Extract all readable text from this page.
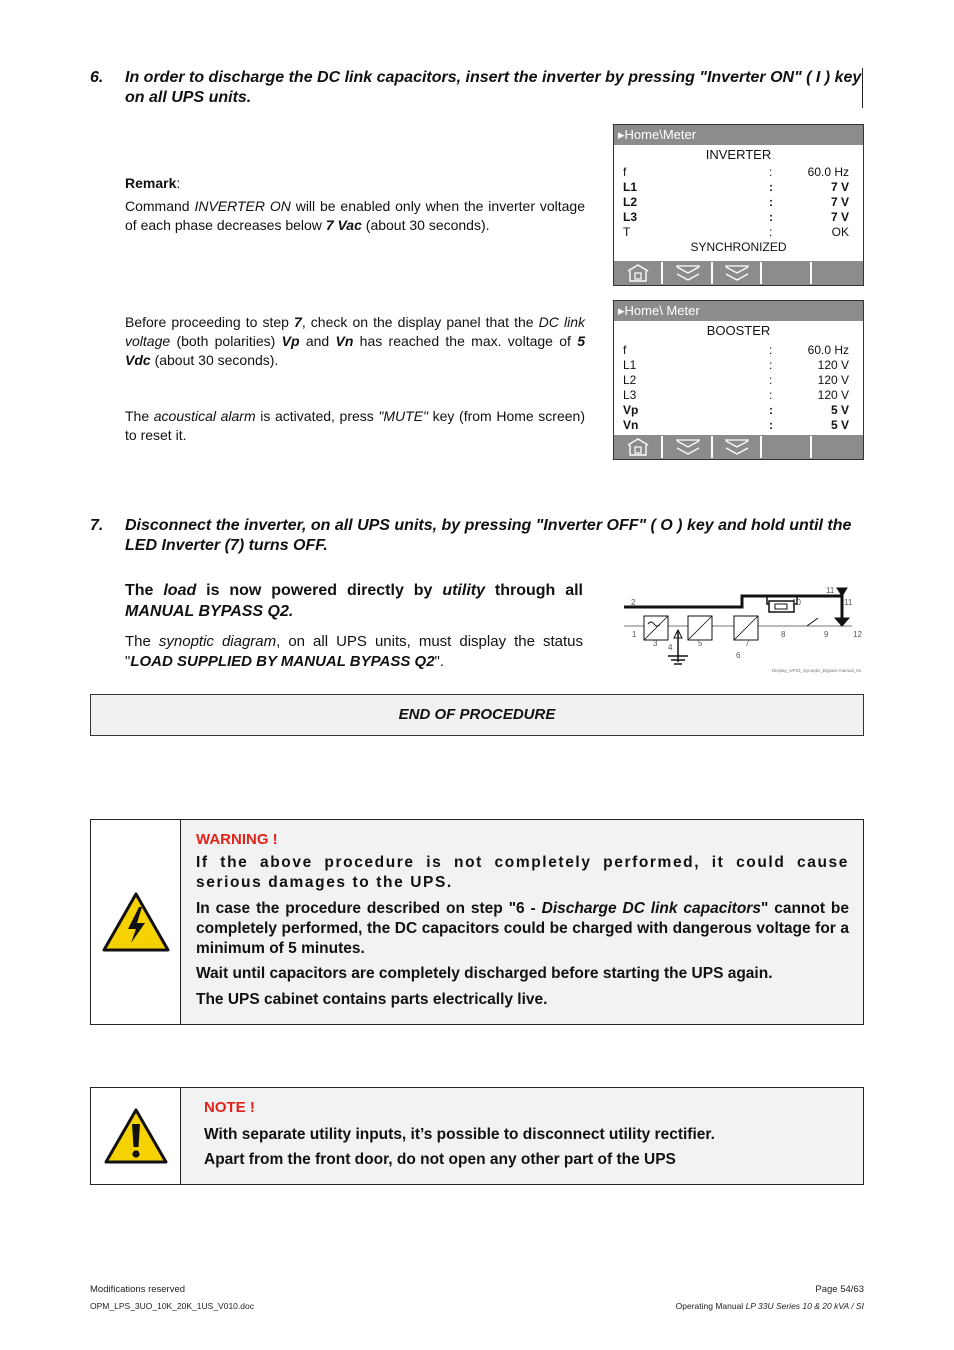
6. In order to discharge the DC link capacitors, insert the inverter by pressing "Inverter ON" ( I ) key
on all UPS units.
Remark:
Command INVERTER ON will be enabled only when the inverter voltage of each phase decreases below 7 Vac (about 30 seconds).
Before proceeding to step 7, check on the display panel that the DC link voltage (both polarities) Vp and Vn has reached the max. voltage of 5 Vdc (about 30 seconds).
The acoustical alarm is activated, press "MUTE" key (from Home screen) to reset it.
▸Home\Meter
INVERTER
f	:	60.0 Hz
L1	:	7 V
L2	:	7 V
L3	:	7 V
T	:	OK
SYNCHRONIZED
▸Home\ Meter
BOOSTER
f	:	60.0 Hz
L1	:	120 V
L2	:	120 V
L3	:	120 V
Vp	:	5 V
Vn	:	5 V
7. Disconnect the inverter, on all UPS units, by pressing "Inverter OFF" ( O ) key and hold until the
LED Inverter (7) turns OFF.
The load is now powered directly by utility through all MANUAL BYPASS Q2.
The synoptic diagram, on all UPS units, must display the status "LOAD SUPPLIED BY MANUAL BYPASS Q2".
1
2
3 4	5
6
7
8	9
10
11
11
12
Display_UP33_Synoptic_Bypass-manual_01
END OF PROCEDURE
WARNING !
If the above procedure is not completely performed, it could cause serious damages to the UPS.
In case the procedure described on step "6 - Discharge DC link capacitors" cannot be completely performed, the DC capacitors could be charged with dangerous voltage for a minimum of 5 minutes.
Wait until capacitors are completely discharged before starting the UPS again.
The UPS cabinet contains parts electrically live.
NOTE !
With separate utility inputs, it’s possible to disconnect utility rectifier.
Apart from the front door, do not open any other part of the UPS
Modifications reserved
OPM_LPS_3UO_10K_20K_1US_V010.doc
Page 54/63
Operating Manual LP 33U Series 10 & 20 kVA / SI
